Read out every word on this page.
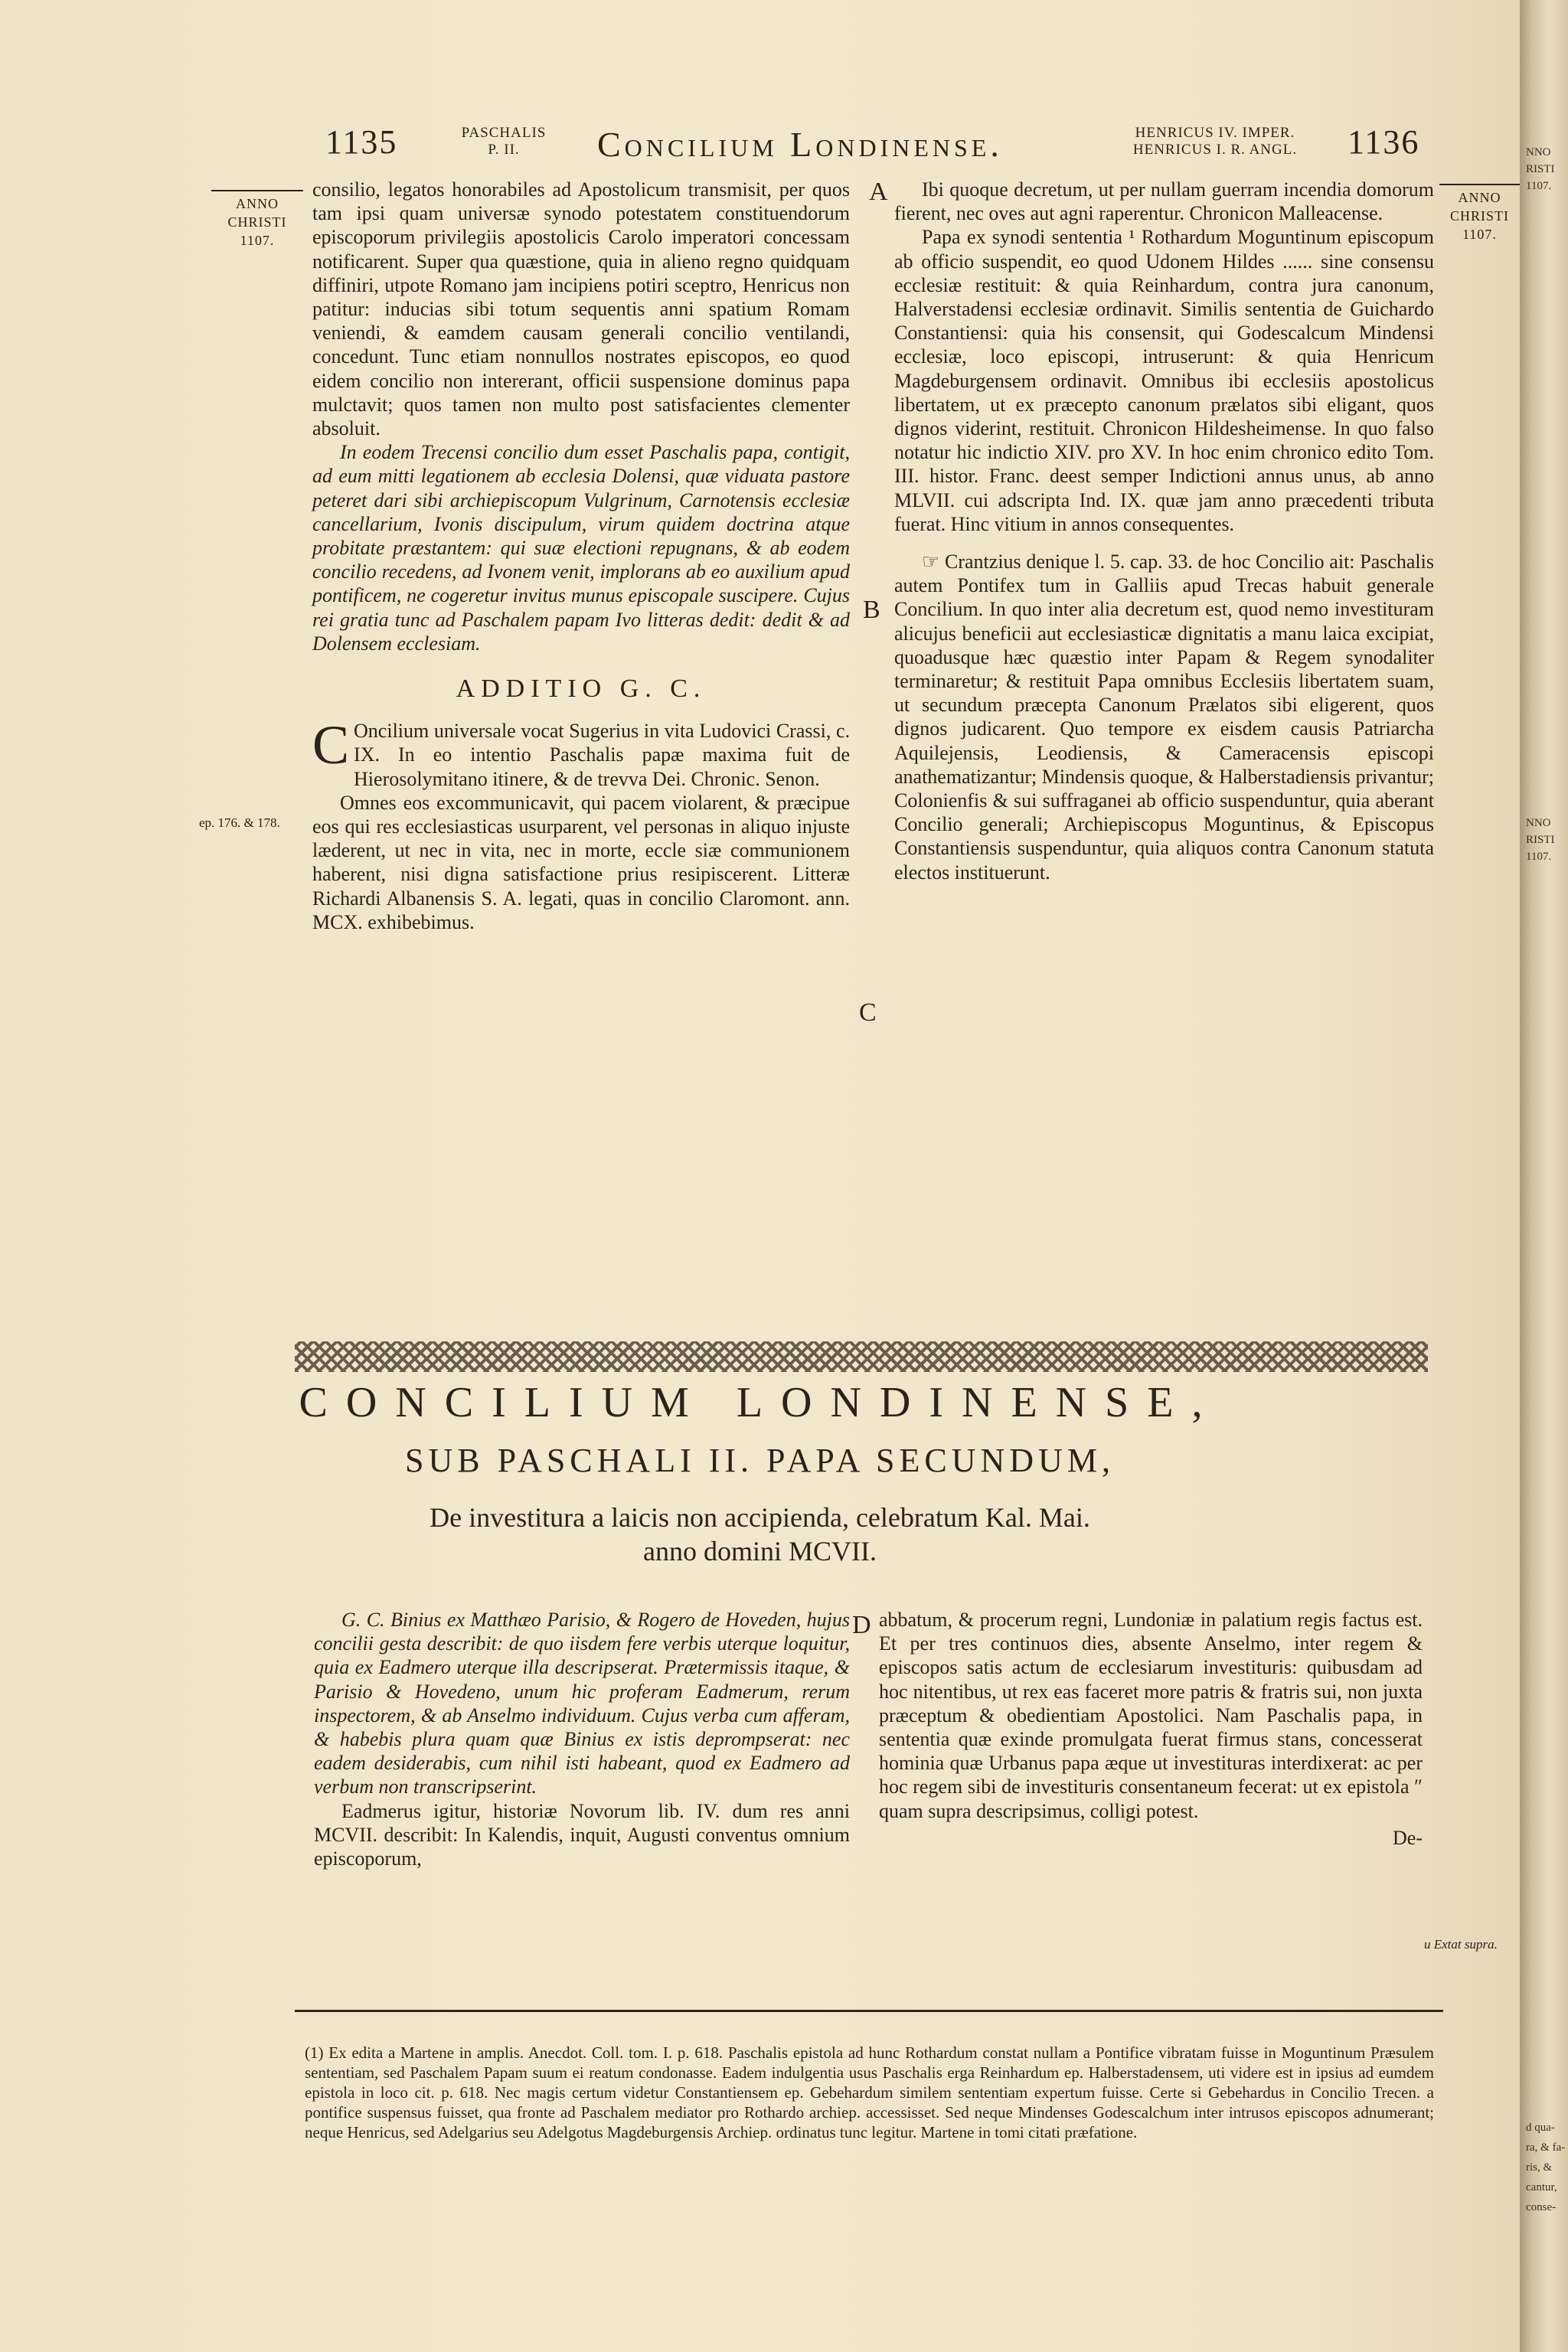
1135	PASCHALIS
P. II.	Concilium Londinense.	HENRICUS IV. IMPER.
HENRICUS I. R. ANGL.	1136
ANNO CHRISTI 1107.
ANNO CHRISTI 1107.
ep. 176. & 178.
A
B
C
D
u Extat supra.

consilio, legatos honorabiles ad Apostolicum transmisit, per quos tam ipsi quam universæ synodo potestatem constituendorum episcoporum privilegiis apostolicis Carolo imperatori concessam notificarent. Super qua quæstione, quia in alieno regno quidquam diffiniri, utpote Romano jam incipiens potiri sceptro, Henricus non patitur: inducias sibi totum sequentis anni spatium Romam veniendi, & eamdem causam generali concilio ventilandi, concedunt. Tunc etiam nonnullos nostrates episcopos, eo quod eidem concilio non intererant, officii suspensione dominus papa mulctavit; quos tamen non multo post satisfacientes clementer absoluit.

In eodem Trecensi concilio dum esset Paschalis papa, contigit, ad eum mitti legationem ab ecclesia Dolensi, quæ viduata pastore peteret dari sibi archiepiscopum Vulgrinum, Carnotensis ecclesiæ cancellarium, Ivonis discipulum, virum quidem doctrina atque probitate præstantem: qui suæ electioni repugnans, & ab eodem concilio recedens, ad Ivonem venit, implorans ab eo auxilium apud pontificem, ne cogeretur invitus munus episcopale suscipere. Cujus rei gratia tunc ad Paschalem papam Ivo litteras dedit: dedit & ad Dolensem ecclesiam.

ADDITIO G. C.

C Oncilium universale vocat Sugerius in vita Ludovici Crassi, c. IX. In eo intentio Paschalis papæ maxima fuit de Hierosolymitano itinere, & de trevva Dei. Chronic. Senon.

Omnes eos excommunicavit, qui pacem violarent, & præcipue eos qui res ecclesiasticas usurparent, vel personas in aliquo injuste læderent, ut nec in vita, nec in morte, eccle siæ communionem haberent, nisi digna satisfactione prius resipiscerent. Litteræ Richardi Albanensis S. A. legati, quas in concilio Claromont. ann. MCX. exhibebimus.

Ibi quoque decretum, ut per nullam guerram incendia domorum fierent, nec oves aut agni raperentur. Chronicon Malleacense.

Papa ex synodi sententia ¹ Rothardum Moguntinum episcopum ab officio suspendit, eo quod Udonem Hildes ...... sine consensu ecclesiæ restituit: & quia Reinhardum, contra jura canonum, Halverstadensi ecclesiæ ordinavit. Similis sententia de Guichardo Constantiensi: quia his consensit, qui Godescalcum Mindensi ecclesiæ, loco episcopi, intruserunt: & quia Henricum Magdeburgensem ordinavit. Omnibus ibi ecclesiis apostolicus libertatem, ut ex præcepto canonum prælatos sibi eligant, quos dignos viderint, restituit. Chronicon Hildesheimense. In quo falso notatur hic indictio XIV. pro XV. In hoc enim chronico edito Tom. III. histor. Franc. deest semper Indictioni annus unus, ab anno MLVII. cui adscripta Ind. IX. quæ jam anno præcedenti tributa fuerat. Hinc vitium in annos consequentes.

☞ Crantzius denique l. 5. cap. 33. de hoc Concilio ait: Paschalis autem Pontifex tum in Galliis apud Trecas habuit generale Concilium. In quo inter alia decretum est, quod nemo investituram alicujus beneficii aut ecclesiasticæ dignitatis a manu laica excipiat, quoadusque hæc quæstio inter Papam & Regem synodaliter terminaretur; & restituit Papa omnibus Ecclesiis libertatem suam, ut secundum præcepta Canonum Prælatos sibi eligerent, quos dignos judicarent. Quo tempore ex eisdem causis Patriarcha Aquilejensis, Leodiensis, & Cameracensis episcopi anathematizantur; Mindensis quoque, & Halberstadiensis privantur; Colonienfis & sui suffraganei ab officio suspenduntur, quia aberant Concilio generali; Archiepiscopus Moguntinus, & Episcopus Constantiensis suspenduntur, quia aliquos contra Canonum statuta electos instituerunt.

CONCILIUM LONDINENSE,
SUB PASCHALI II. PAPA SECUNDUM,
De investitura a laicis non accipienda, celebratum Kal. Mai. anno domini MCVII.

G. C. Binius ex Matthæo Parisio, & Rogero de Hoveden, hujus concilii gesta describit: de quo iisdem fere verbis uterque loquitur, quia ex Eadmero uterque illa descripserat. Prætermissis itaque, & Parisio & Hovedeno, unum hic proferam Eadmerum, rerum inspectorem, & ab Anselmo individuum. Cujus verba cum afferam, & habebis plura quam quæ Binius ex istis deprompserat: nec eadem desiderabis, cum nihil isti habeant, quod ex Eadmero ad verbum non transcripserint.

Eadmerus igitur, historiæ Novorum lib. IV. dum res anni MCVII. describit: In Kalendis, inquit, Augusti conventus omnium episcoporum,

abbatum, & procerum regni, Lundoniæ in palatium regis factus est. Et per tres continuos dies, absente Anselmo, inter regem & episcopos satis actum de ecclesiarum investituris: quibusdam ad hoc nitentibus, ut rex eas faceret more patris & fratris sui, non juxta præceptum & obedientiam Apostolici. Nam Paschalis papa, in sententia quæ exinde promulgata fuerat firmus stans, concesserat hominia quæ Urbanus papa æque ut investituras interdixerat: ac per hoc regem sibi de investituris consentaneum fecerat: ut ex epistola ″ quam supra descripsimus, colligi potest.

De-

(1) Ex edita a Martene in amplis. Anecdot. Coll. tom. I. p. 618. Paschalis epistola ad hunc Rothardum constat nullam a Pontifice vibratam fuisse in Moguntinum Præsulem sententiam, sed Paschalem Papam suum ei reatum condonasse. Eadem indulgentia usus Paschalis erga Reinhardum ep. Halberstadensem, uti videre est in ipsius ad eumdem epistola in loco cit. p. 618. Nec magis certum videtur Constantiensem ep. Gebehardum similem sententiam expertum fuisse. Certe si Gebehardus in Concilio Trecen. a pontifice suspensus fuisset, qua fronte ad Paschalem mediator pro Rothardo archiep. accessisset. Sed neque Mindenses Godescalchum inter intrusos episcopos adnumerant; neque Henricus, sed Adelgarius seu Adelgotus Magdeburgensis Archiep. ordinatus tunc legitur. Martene in tomi citati præfatione.
NNO
RISTI
1107.
NNO
RISTI
1107.
d qua-
ra, & fa-
ris, &
cantur,
conse-
